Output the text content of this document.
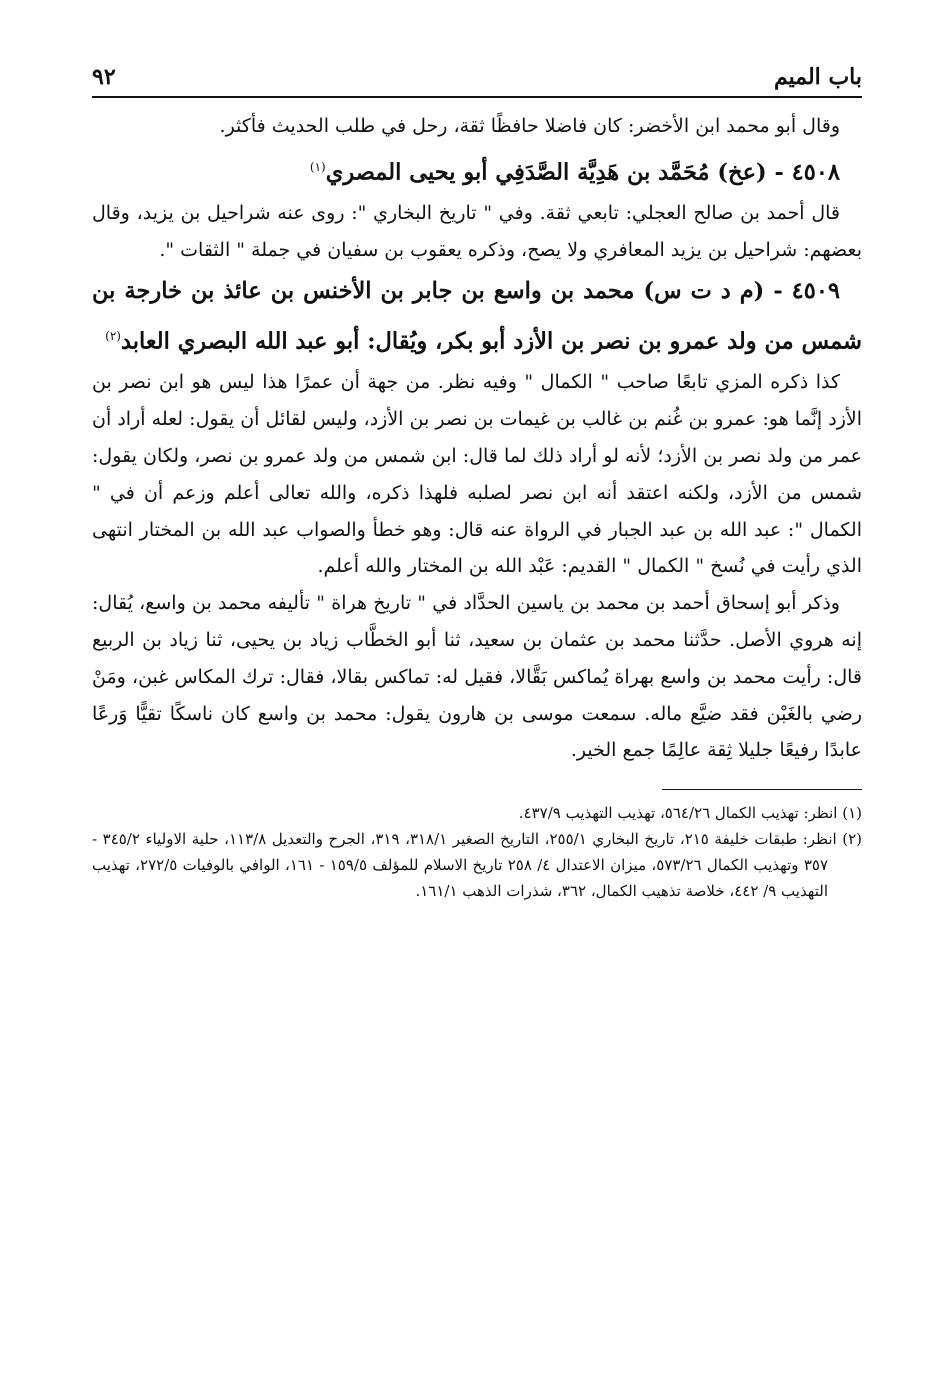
باب الميم
٩٢

وقال أبو محمد ابن الأخضر: كان فاضلا حافظًا ثقة، رحل في طلب الحديث فأكثر.

٤٥٠٨ - (عخ) مُحَمَّد بن هَدِيَّة الصَّدَفِي أبو يحيى المصري$^{(١)}$

قال أحمد بن صالح العجلي: تابعي ثقة. وفي " تاريخ البخاري ": روى عنه شراحيل بن يزيد، وقال بعضهم: شراحيل بن يزيد المعافري ولا يصح، وذكره يعقوب بن سفيان في جملة " الثقات ".

٤٥٠٩ - (م د ت س) محمد بن واسع بن جابر بن الأخنس بن عائذ بن خارجة بن شمس من ولد عمرو بن نصر بن الأزد أبو بكر، ويُقال: أبو عبد الله البصري العابد$^{(٢)}$

كذا ذكره المزي تابعًا صاحب " الكمال " وفيه نظر. من جهة أن عمرًا هذا ليس هو ابن نصر بن الأزد إنَّما هو: عمرو بن غُنم بن غالب بن غيمات بن نصر بن الأزد، وليس لقائل أن يقول: لعله أراد أن عمر من ولد نصر بن الأزد؛ لأنه لو أراد ذلك لما قال: ابن شمس من ولد عمرو بن نصر، ولكان يقول: شمس من الأزد، ولكنه اعتقد أنه ابن نصر لصلبه فلهذا ذكره، والله تعالى أعلم وزعم أن في " الكمال ": عبد الله بن عبد الجبار في الرواة عنه قال: وهو خطأ والصواب عبد الله بن المختار انتهى الذي رأيت في نُسخ " الكمال " القديم: عَبْد الله بن المختار والله أعلم.

وذكر أبو إسحاق أحمد بن محمد بن ياسين الحدَّاد في " تاريخ هراة " تأليفه محمد بن واسع، يُقال: إنه هروي الأصل. حدَّثنا محمد بن عثمان بن سعيد، ثنا أبو الخطَّاب زياد بن يحيى، ثنا زياد بن الربيع قال: رأيت محمد بن واسع بهراة يُماكس بَقَّالا، فقيل له: تماكس بقالا، فقال: ترك المكاس غبن، ومَنْ رضي بالغَبْن فقد ضيَّع ماله. سمعت موسى بن هارون يقول: محمد بن واسع كان ناسكًا تقيًّا وَرعًا عابدًا رفيعًا جليلا ثِقة عالِمًا جمع الخير.

(١) انظر: تهذيب الكمال ٥٦٤/٢٦، تهذيب التهذيب ٤٣٧/٩.

(٢) انظر: طبقات خليفة ٢١٥، تاريخ البخاري ٢٥٥/١، التاريخ الصغير ٣١٨/١، ٣١٩، الجرح والتعديل ١١٣/٨، حلية الاولياء ٣٤٥/٢ - ٣٥٧ وتهذيب الكمال ٥٧٣/٢٦، ميزان الاعتدال ٤/ ٢٥٨ تاريخ الاسلام للمؤلف ١٥٩/٥ - ١٦١، الوافي بالوفيات ٢٧٢/٥، تهذيب التهذيب ٩/ ٤٤٢، خلاصة تذهيب الكمال، ٣٦٢، شذرات الذهب ١٦١/١.
